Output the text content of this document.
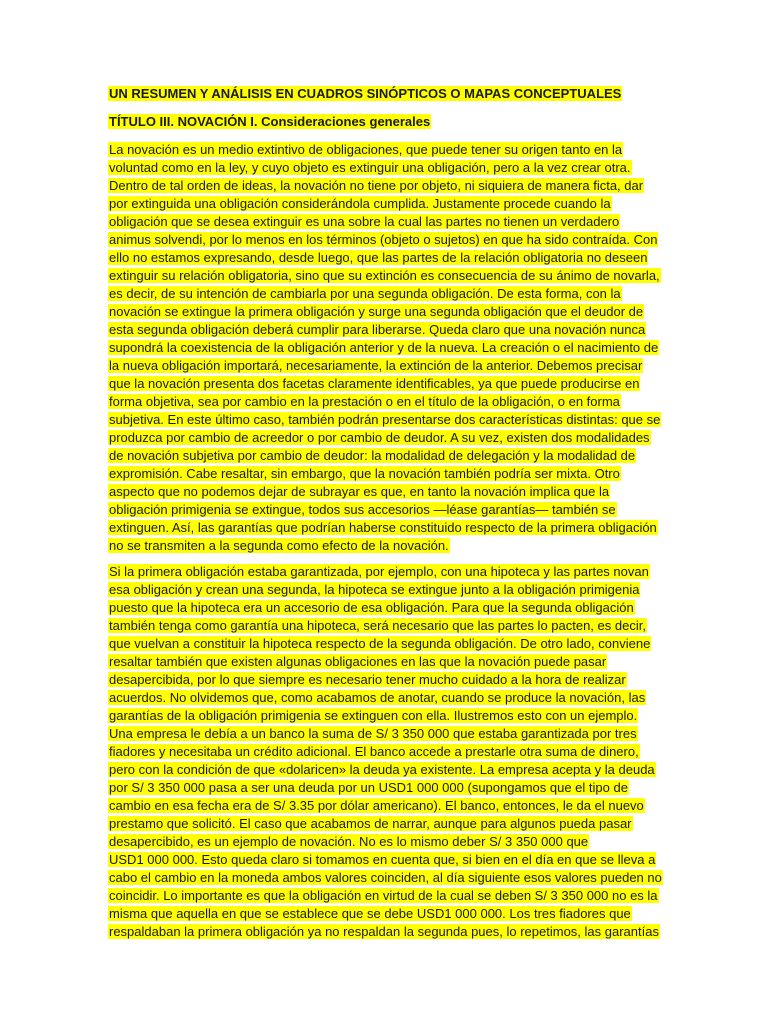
UN RESUMEN Y ANÁLISIS EN CUADROS SINÓPTICOS O MAPAS CONCEPTUALES
TÍTULO III. NOVACIÓN I. Consideraciones generales
La novación es un medio extintivo de obligaciones, que puede tener su origen tanto en la
voluntad como en la ley, y cuyo objeto es extinguir una obligación, pero a la vez crear otra.
Dentro de tal orden de ideas, la novación no tiene por objeto, ni siquiera de manera ficta, dar
por extinguida una obligación considerándola cumplida. Justamente procede cuando la
obligación que se desea extinguir es una sobre la cual las partes no tienen un verdadero
animus solvendi, por lo menos en los términos (objeto o sujetos) en que ha sido contraída. Con
ello no estamos expresando, desde luego, que las partes de la relación obligatoria no deseen
extinguir su relación obligatoria, sino que su extinción es consecuencia de su ánimo de novarla,
es decir, de su intención de cambiarla por una segunda obligación. De esta forma, con la
novación se extingue la primera obligación y surge una segunda obligación que el deudor de
esta segunda obligación deberá cumplir para liberarse. Queda claro que una novación nunca
supondrá la coexistencia de la obligación anterior y de la nueva. La creación o el nacimiento de
la nueva obligación importará, necesariamente, la extinción de la anterior. Debemos precisar
que la novación presenta dos facetas claramente identificables, ya que puede producirse en
forma objetiva, sea por cambio en la prestación o en el título de la obligación, o en forma
subjetiva. En este último caso, también podrán presentarse dos características distintas: que se
produzca por cambio de acreedor o por cambio de deudor. A su vez, existen dos modalidades
de novación subjetiva por cambio de deudor: la modalidad de delegación y la modalidad de
expromisión. Cabe resaltar, sin embargo, que la novación también podría ser mixta. Otro
aspecto que no podemos dejar de subrayar es que, en tanto la novación implica que la
obligación primigenia se extingue, todos sus accesorios —léase garantías— también se
extinguen. Así, las garantías que podrían haberse constituido respecto de la primera obligación
no se transmiten a la segunda como efecto de la novación.
Si la primera obligación estaba garantizada, por ejemplo, con una hipoteca y las partes novan
esa obligación y crean una segunda, la hipoteca se extingue junto a la obligación primigenia
puesto que la hipoteca era un accesorio de esa obligación. Para que la segunda obligación
también tenga como garantía una hipoteca, será necesario que las partes lo pacten, es decir,
que vuelvan a constituir la hipoteca respecto de la segunda obligación. De otro lado, conviene
resaltar también que existen algunas obligaciones en las que la novación puede pasar
desapercibida, por lo que siempre es necesario tener mucho cuidado a la hora de realizar
acuerdos. No olvidemos que, como acabamos de anotar, cuando se produce la novación, las
garantías de la obligación primigenia se extinguen con ella. Ilustremos esto con un ejemplo.
Una empresa le debía a un banco la suma de S/ 3 350 000 que estaba garantizada por tres
fiadores y necesitaba un crédito adicional. El banco accede a prestarle otra suma de dinero,
pero con la condición de que «dolaricen» la deuda ya existente. La empresa acepta y la deuda
por S/ 3 350 000 pasa a ser una deuda por un USD1 000 000 (supongamos que el tipo de
cambio en esa fecha era de S/ 3.35 por dólar americano). El banco, entonces, le da el nuevo
prestamo que solicitó. El caso que acabamos de narrar, aunque para algunos pueda pasar
desapercibido, es un ejemplo de novación. No es lo mismo deber S/ 3 350 000 que
USD1 000 000. Esto queda claro si tomamos en cuenta que, si bien en el día en que se lleva a
cabo el cambio en la moneda ambos valores coinciden, al día siguiente esos valores pueden no
coincidir. Lo importante es que la obligación en virtud de la cual se deben S/ 3 350 000 no es la
misma que aquella en que se establece que se debe USD1 000 000. Los tres fiadores que
respaldaban la primera obligación ya no respaldan la segunda pues, lo repetimos, las garantías
